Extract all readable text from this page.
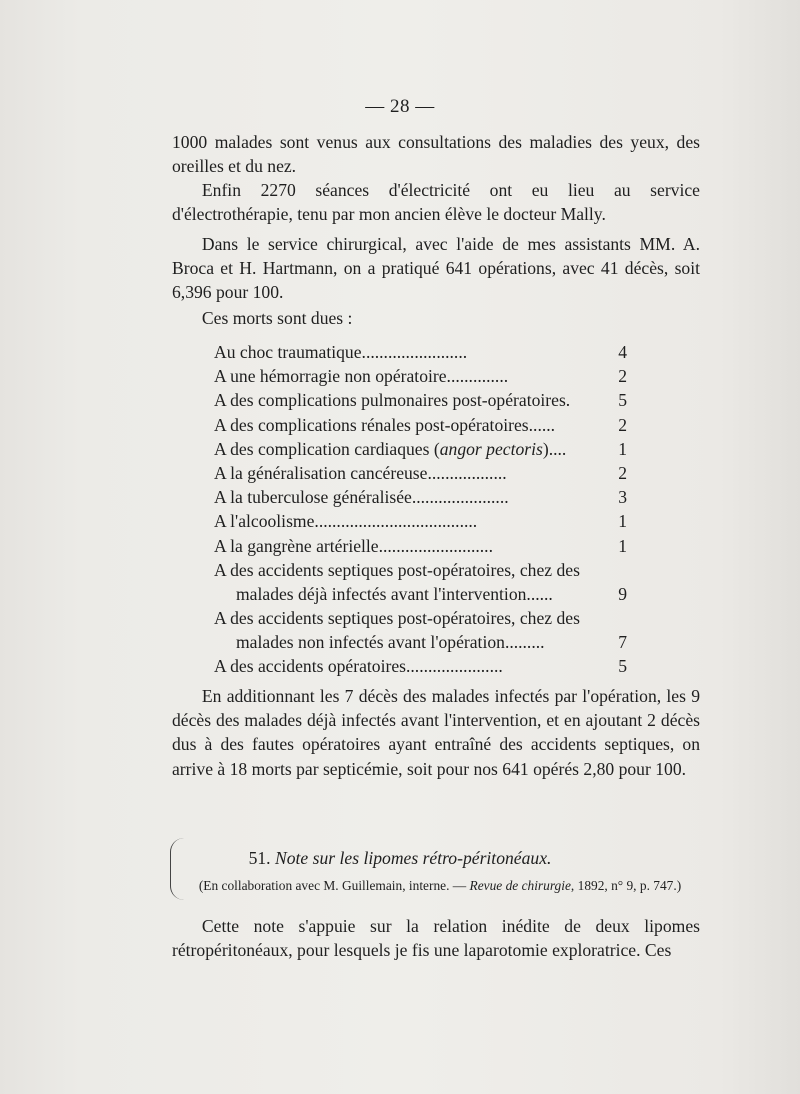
— 28 —
1000 malades sont venus aux consultations des maladies des yeux, des oreilles et du nez.
Enfin 2270 séances d'électricité ont eu lieu au service d'électrothérapie, tenu par mon ancien élève le docteur Mally.
Dans le service chirurgical, avec l'aide de mes assistants MM. A. Broca et H. Hartmann, on a pratiqué 641 opérations, avec 41 décès, soit 6,396 pour 100.
Ces morts sont dues :
Au choc traumatique........................	4
A une hémorragie non opératoire..............	2
A des complications pulmonaires post-opératoires.	5
A des complications rénales post-opératoires......	2
A des complication cardiaques (angor pectoris)....	1
A la généralisation cancéreuse..................	2
A la tuberculose généralisée......................	3
A l'alcoolisme.....................................	1
A la gangrène artérielle..........................	1
A des accidents septiques post-opératoires, chez des
malades déjà infectés avant l'intervention......	9
A des accidents septiques post-opératoires, chez des
malades non infectés avant l'opération.........	7
A des accidents opératoires......................	5
En additionnant les 7 décès des malades infectés par l'opération, les 9 décès des malades déjà infectés avant l'intervention, et en ajoutant 2 décès dus à des fautes opératoires ayant entraîné des accidents septiques, on arrive à 18 morts par septicémie, soit pour nos 641 opérés 2,80 pour 100.
51. Note sur les lipomes rétro-péritonéaux.
(En collaboration avec M. Guillemain, interne. — Revue de chirurgie, 1892, n° 9, p. 747.)
Cette note s'appuie sur la relation inédite de deux lipomes rétropéritonéaux, pour lesquels je fis une laparotomie exploratrice. Ces
